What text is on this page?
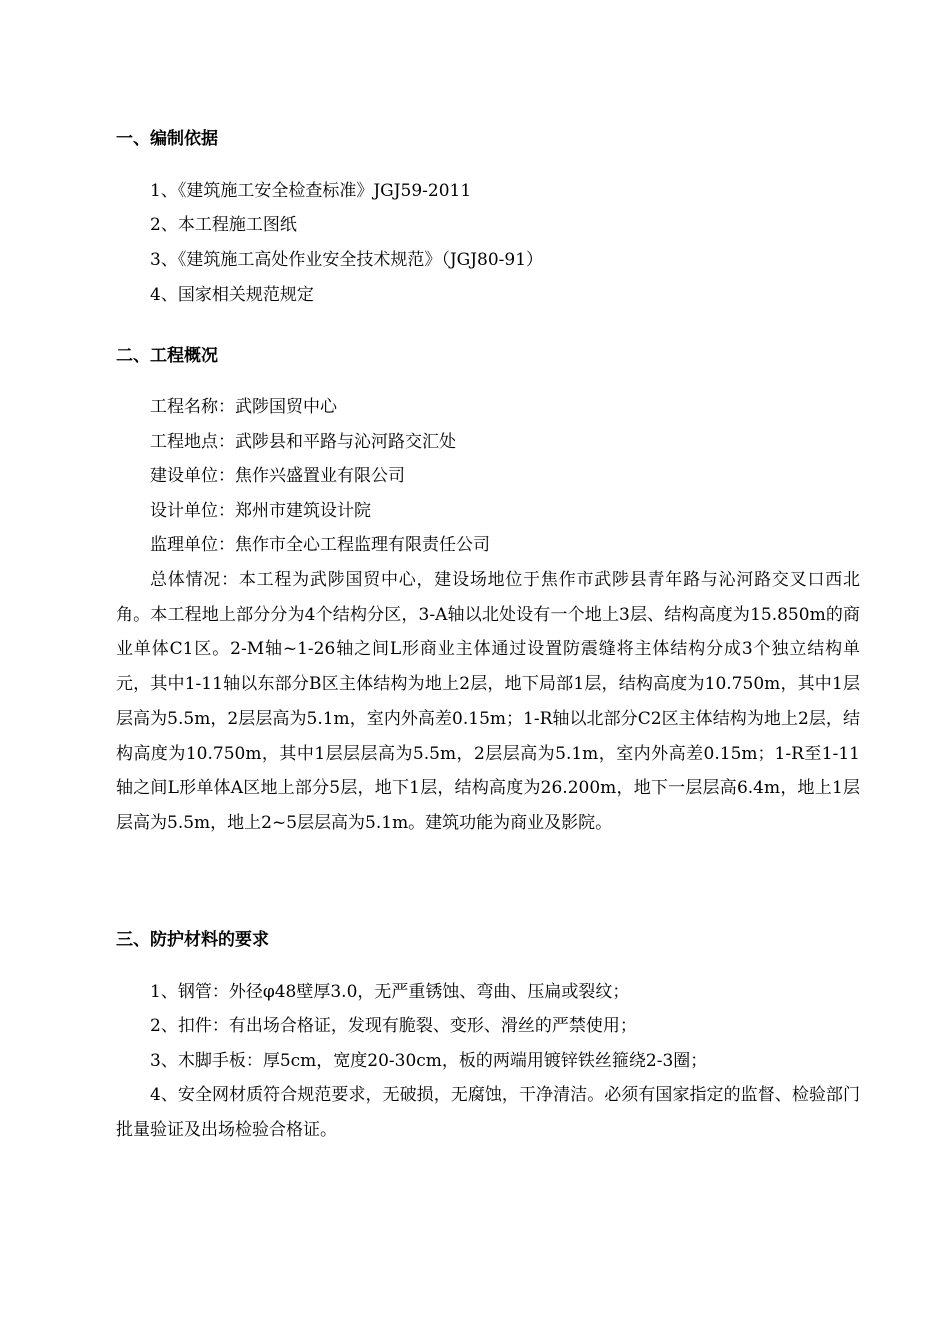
一、编制依据
1、《建筑施工安全检查标准》JGJ59-2011
2、本工程施工图纸
3、《建筑施工高处作业安全技术规范》（JGJ80-91）
4、国家相关规范规定
二、工程概况
工程名称：武陟国贸中心
工程地点：武陟县和平路与沁河路交汇处
建设单位：焦作兴盛置业有限公司
设计单位：郑州市建筑设计院
监理单位：焦作市全心工程监理有限责任公司
总体情况：本工程为武陟国贸中心，建设场地位于焦作市武陟县青年路与沁河路交叉口西北角。本工程地上部分分为4个结构分区，3-A轴以北处设有一个地上3层、结构高度为15.850m的商业单体C1区。2-M轴~1-26轴之间L形商业主体通过设置防震缝将主体结构分成3个独立结构单元，其中1-11轴以东部分B区主体结构为地上2层，地下局部1层，结构高度为10.750m，其中1层层高为5.5m，2层层高为5.1m，室内外高差0.15m；1-R轴以北部分C2区主体结构为地上2层，结构高度为10.750m，其中1层层层高为5.5m，2层层高为5.1m，室内外高差0.15m；1-R至1-11轴之间L形单体A区地上部分5层，地下1层，结构高度为26.200m，地下一层层高6.4m，地上1层层高为5.5m，地上2~5层层高为5.1m。建筑功能为商业及影院。
三、防护材料的要求
1、钢管：外径φ48壁厚3.0，无严重锈蚀、弯曲、压扁或裂纹；
2、扣件：有出场合格证，发现有脆裂、变形、滑丝的严禁使用；
3、木脚手板：厚5cm，宽度20-30cm，板的两端用镀锌铁丝箍绕2-3圈；
4、安全网材质符合规范要求，无破损，无腐蚀，干净清洁。必须有国家指定的监督、检验部门批量验证及出场检验合格证。
